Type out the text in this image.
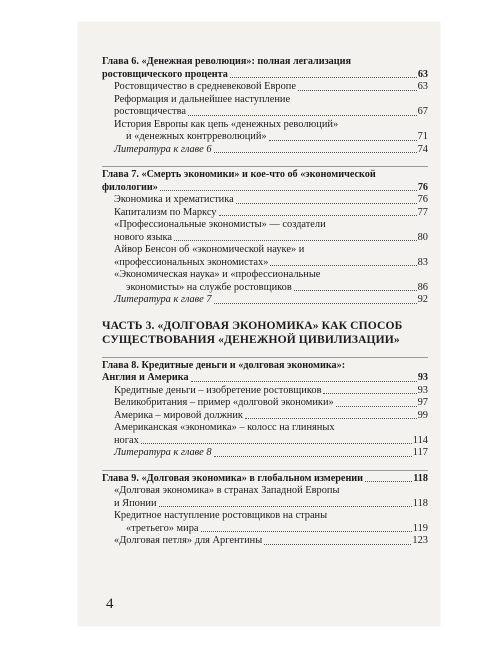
Глава 6. «Денежная революция»: полная легализация
ростовщического процента	63
Ростовщичество в средневековой Европе	63
Реформация и дальнейшее наступление
ростовщичества	67
История Европы как цепь «денежных революций»
и «денежных контрреволюций»	71
Литература к главе 6	74
Глава 7. «Смерть экономики» и кое-что об «экономической
филологии»	76
Экономика и хрематистика	76
Капитализм по Марксу	77
«Профессиональные экономисты» — создатели
нового языка	80
Айвор Бенсон об «экономической науке» и
«профессиональных экономистах»	83
«Экономическая наука» и «профессиональные
экономисты» на службе ростовщиков	86
Литература к главе 7	92
ЧАСТЬ 3. «ДОЛГОВАЯ ЭКОНОМИКА» КАК СПОСОБ
СУЩЕСТВОВАНИЯ «ДЕНЕЖНОЙ ЦИВИЛИЗАЦИИ»
Глава 8. Кредитные деньги и «долговая экономика»:
Англия и Америка	93
Кредитные деньги – изобретение ростовщиков	93
Великобритания – пример «долговой экономики»	97
Америка – мировой должник	99
Американская «экономика» – колосс на глиняных
ногах	114
Литература к главе 8	117
Глава 9. «Долговая экономика» в глобальном измерении	118
«Долговая экономика» в странах Западной Европы
и Японии	118
Кредитное наступление ростовщиков на страны
«третьего» мира	119
«Долговая петля» для Аргентины	123
4
